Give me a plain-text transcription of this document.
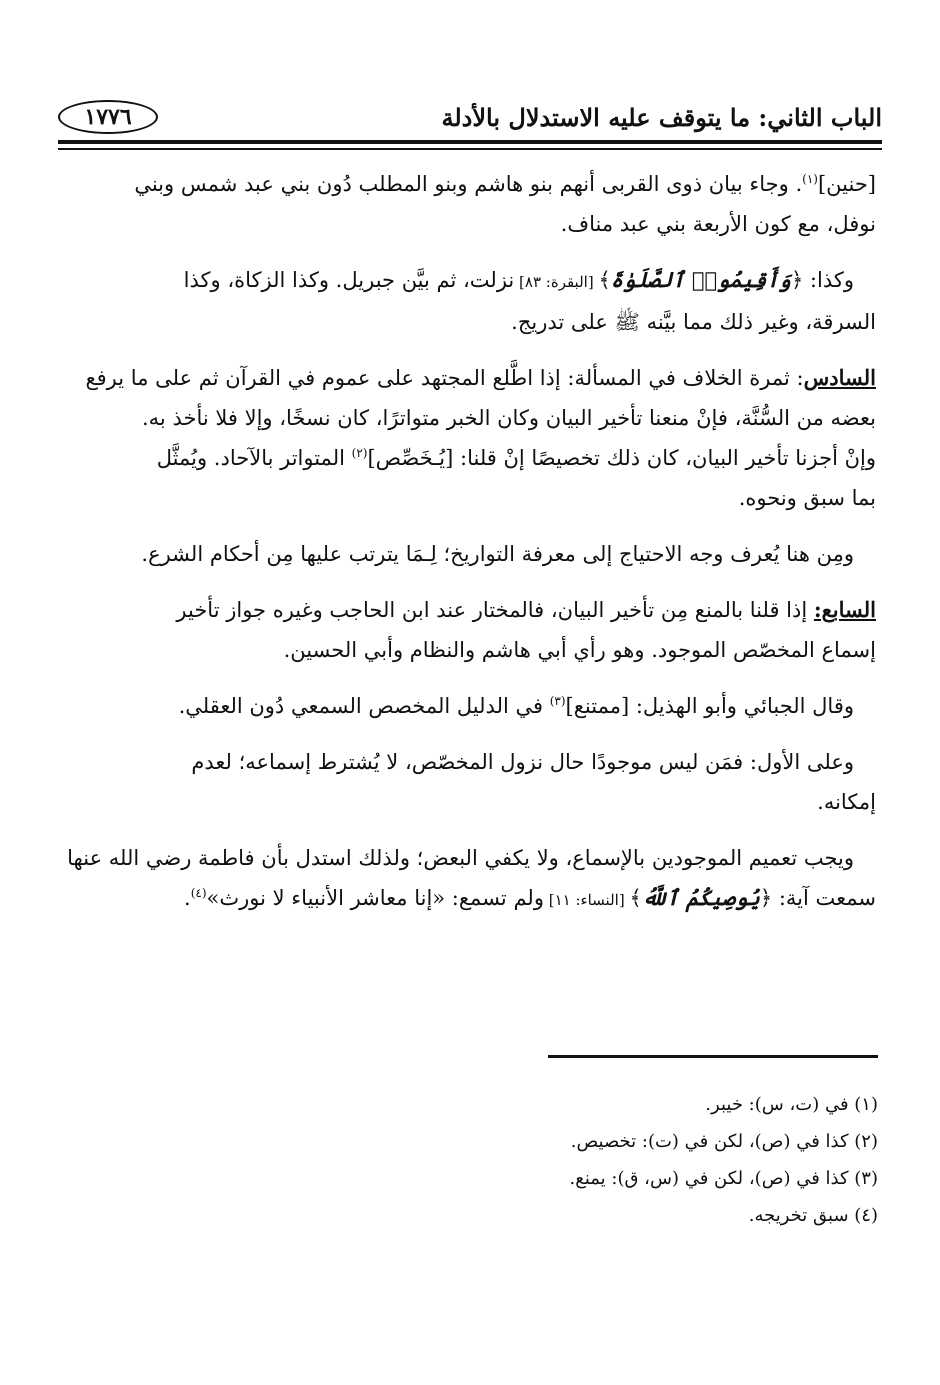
الباب الثاني: ما يتوقف عليه الاستدلال بالأدلة
١٧٧٦

[حنين]$^{(١)}$. وجاء بيان ذوى القربى أنهم بنو هاشم وبنو المطلب دُون بني عبد شمس وبني
نوفل، مع كون الأربعة بني عبد مناف.

وكذا: ﴿وَأَقِيمُوا۟ ٱلصَّلَوٰةَ﴾ [البقرة: ٨٣] نزلت، ثم بيَّن جبريل. وكذا الزكاة، وكذا
السرقة، وغير ذلك مما بيَّنه ﷺ على تدريج.

السادس: ثمرة الخلاف في المسألة: إذا اطَّلع المجتهد على عموم في القرآن ثم على ما يرفع
بعضه من السُّنَّة، فإنْ منعنا تأخير البيان وكان الخبر متواترًا، كان نسخًا، وإلا فلا نأخذ به.
وإنْ أجزنا تأخير البيان، كان ذلك تخصيصًا إنْ قلنا: [يُـخَصِّص]$^{(٢)}$ المتواتر بالآحاد. ويُمثَّل
بما سبق ونحوه.

ومِن هنا يُعرف وجه الاحتياج إلى معرفة التواريخ؛ لِـمَا يترتب عليها مِن أحكام الشرع.

السابع: إذا قلنا بالمنع مِن تأخير البيان، فالمختار عند ابن الحاجب وغيره جواز تأخير
إسماع المخصّص الموجود. وهو رأي أبي هاشم والنظام وأبي الحسين.

وقال الجبائي وأبو الهذيل: [ممتنع]$^{(٣)}$ في الدليل المخصص السمعي دُون العقلي.

وعلى الأول: فمَن ليس موجودًا حال نزول المخصّص، لا يُشترط إسماعه؛ لعدم
إمكانه.

ويجب تعميم الموجودين بالإسماع، ولا يكفي البعض؛ ولذلك استدل بأن فاطمة رضي الله عنها
سمعت آية: ﴿يُوصِيكُمُ ٱللَّهُ﴾ [النساء: ١١] ولم تسمع: «إنا معاشر الأنبياء لا نورث»$^{(٤)}$.

(١) في (ت، س): خيبر.
(٢) كذا في (ص)، لكن في (ت): تخصيص.
(٣) كذا في (ص)، لكن في (س، ق): يمنع.
(٤) سبق تخريجه.
